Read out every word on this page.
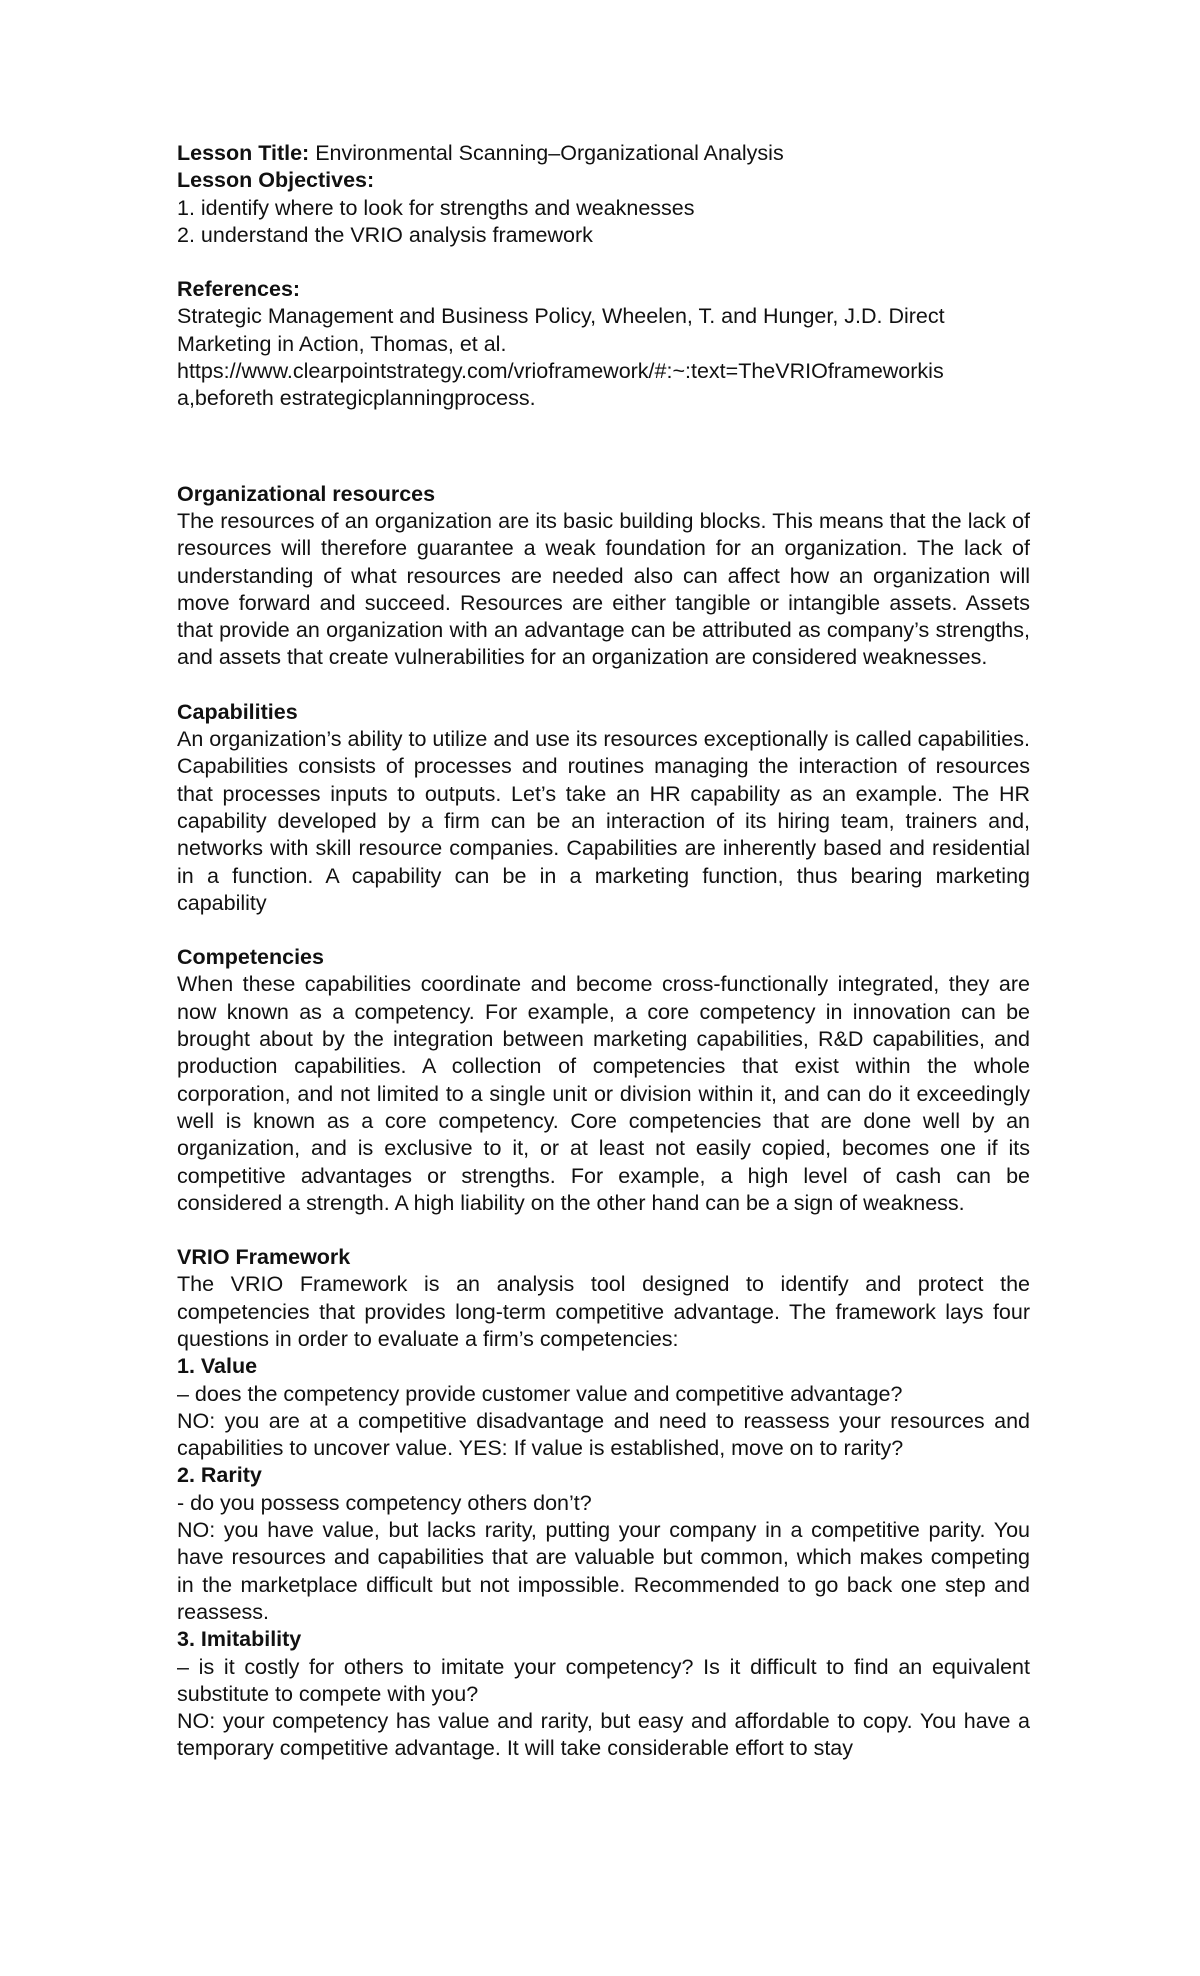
Lesson Title: Environmental Scanning–Organizational Analysis

Lesson Objectives:

1. identify where to look for strengths and weaknesses

2. understand the VRIO analysis framework

References:

Strategic Management and Business Policy, Wheelen, T. and Hunger, J.D. Direct Marketing in Action, Thomas, et al.

https://www.clearpointstrategy.com/vrioframework/#:~:text=TheVRIOframeworkis

a,beforeth estrategicplanningprocess.

Organizational resources

The resources of an organization are its basic building blocks. This means that the lack of resources will therefore guarantee a weak foundation for an organization. The lack of understanding of what resources are needed also can affect how an organization will move forward and succeed. Resources are either tangible or intangible assets. Assets that provide an organization with an advantage can be attributed as company’s strengths, and assets that create vulnerabilities for an organization are considered weaknesses.

Capabilities

An organization’s ability to utilize and use its resources exceptionally is called capabilities. Capabilities consists of processes and routines managing the interaction of resources that processes inputs to outputs. Let’s take an HR capability as an example. The HR capability developed by a firm can be an interaction of its hiring team, trainers and, networks with skill resource companies. Capabilities are inherently based and residential in a function. A capability can be in a marketing function, thus bearing marketing capability

Competencies

When these capabilities coordinate and become cross-functionally integrated, they are now known as a competency. For example, a core competency in innovation can be brought about by the integration between marketing capabilities, R&D capabilities, and production capabilities. A collection of competencies that exist within the whole corporation, and not limited to a single unit or division within it, and can do it exceedingly well is known as a core competency. Core competencies that are done well by an organization, and is exclusive to it, or at least not easily copied, becomes one if its competitive advantages or strengths. For example, a high level of cash can be considered a strength. A high liability on the other hand can be a sign of weakness.

VRIO Framework

The VRIO Framework is an analysis tool designed to identify and protect the competencies that provides long-term competitive advantage. The framework lays four questions in order to evaluate a firm’s competencies:

1. Value

– does the competency provide customer value and competitive advantage?

NO: you are at a competitive disadvantage and need to reassess your resources and capabilities to uncover value. YES: If value is established, move on to rarity?

2. Rarity

- do you possess competency others don’t?

NO: you have value, but lacks rarity, putting your company in a competitive parity. You have resources and capabilities that are valuable but common, which makes competing in the marketplace difficult but not impossible. Recommended to go back one step and reassess.

3. Imitability

– is it costly for others to imitate your competency? Is it difficult to find an equivalent substitute to compete with you?

NO: your competency has value and rarity, but easy and affordable to copy. You have a temporary competitive advantage. It will take considerable effort to stay
